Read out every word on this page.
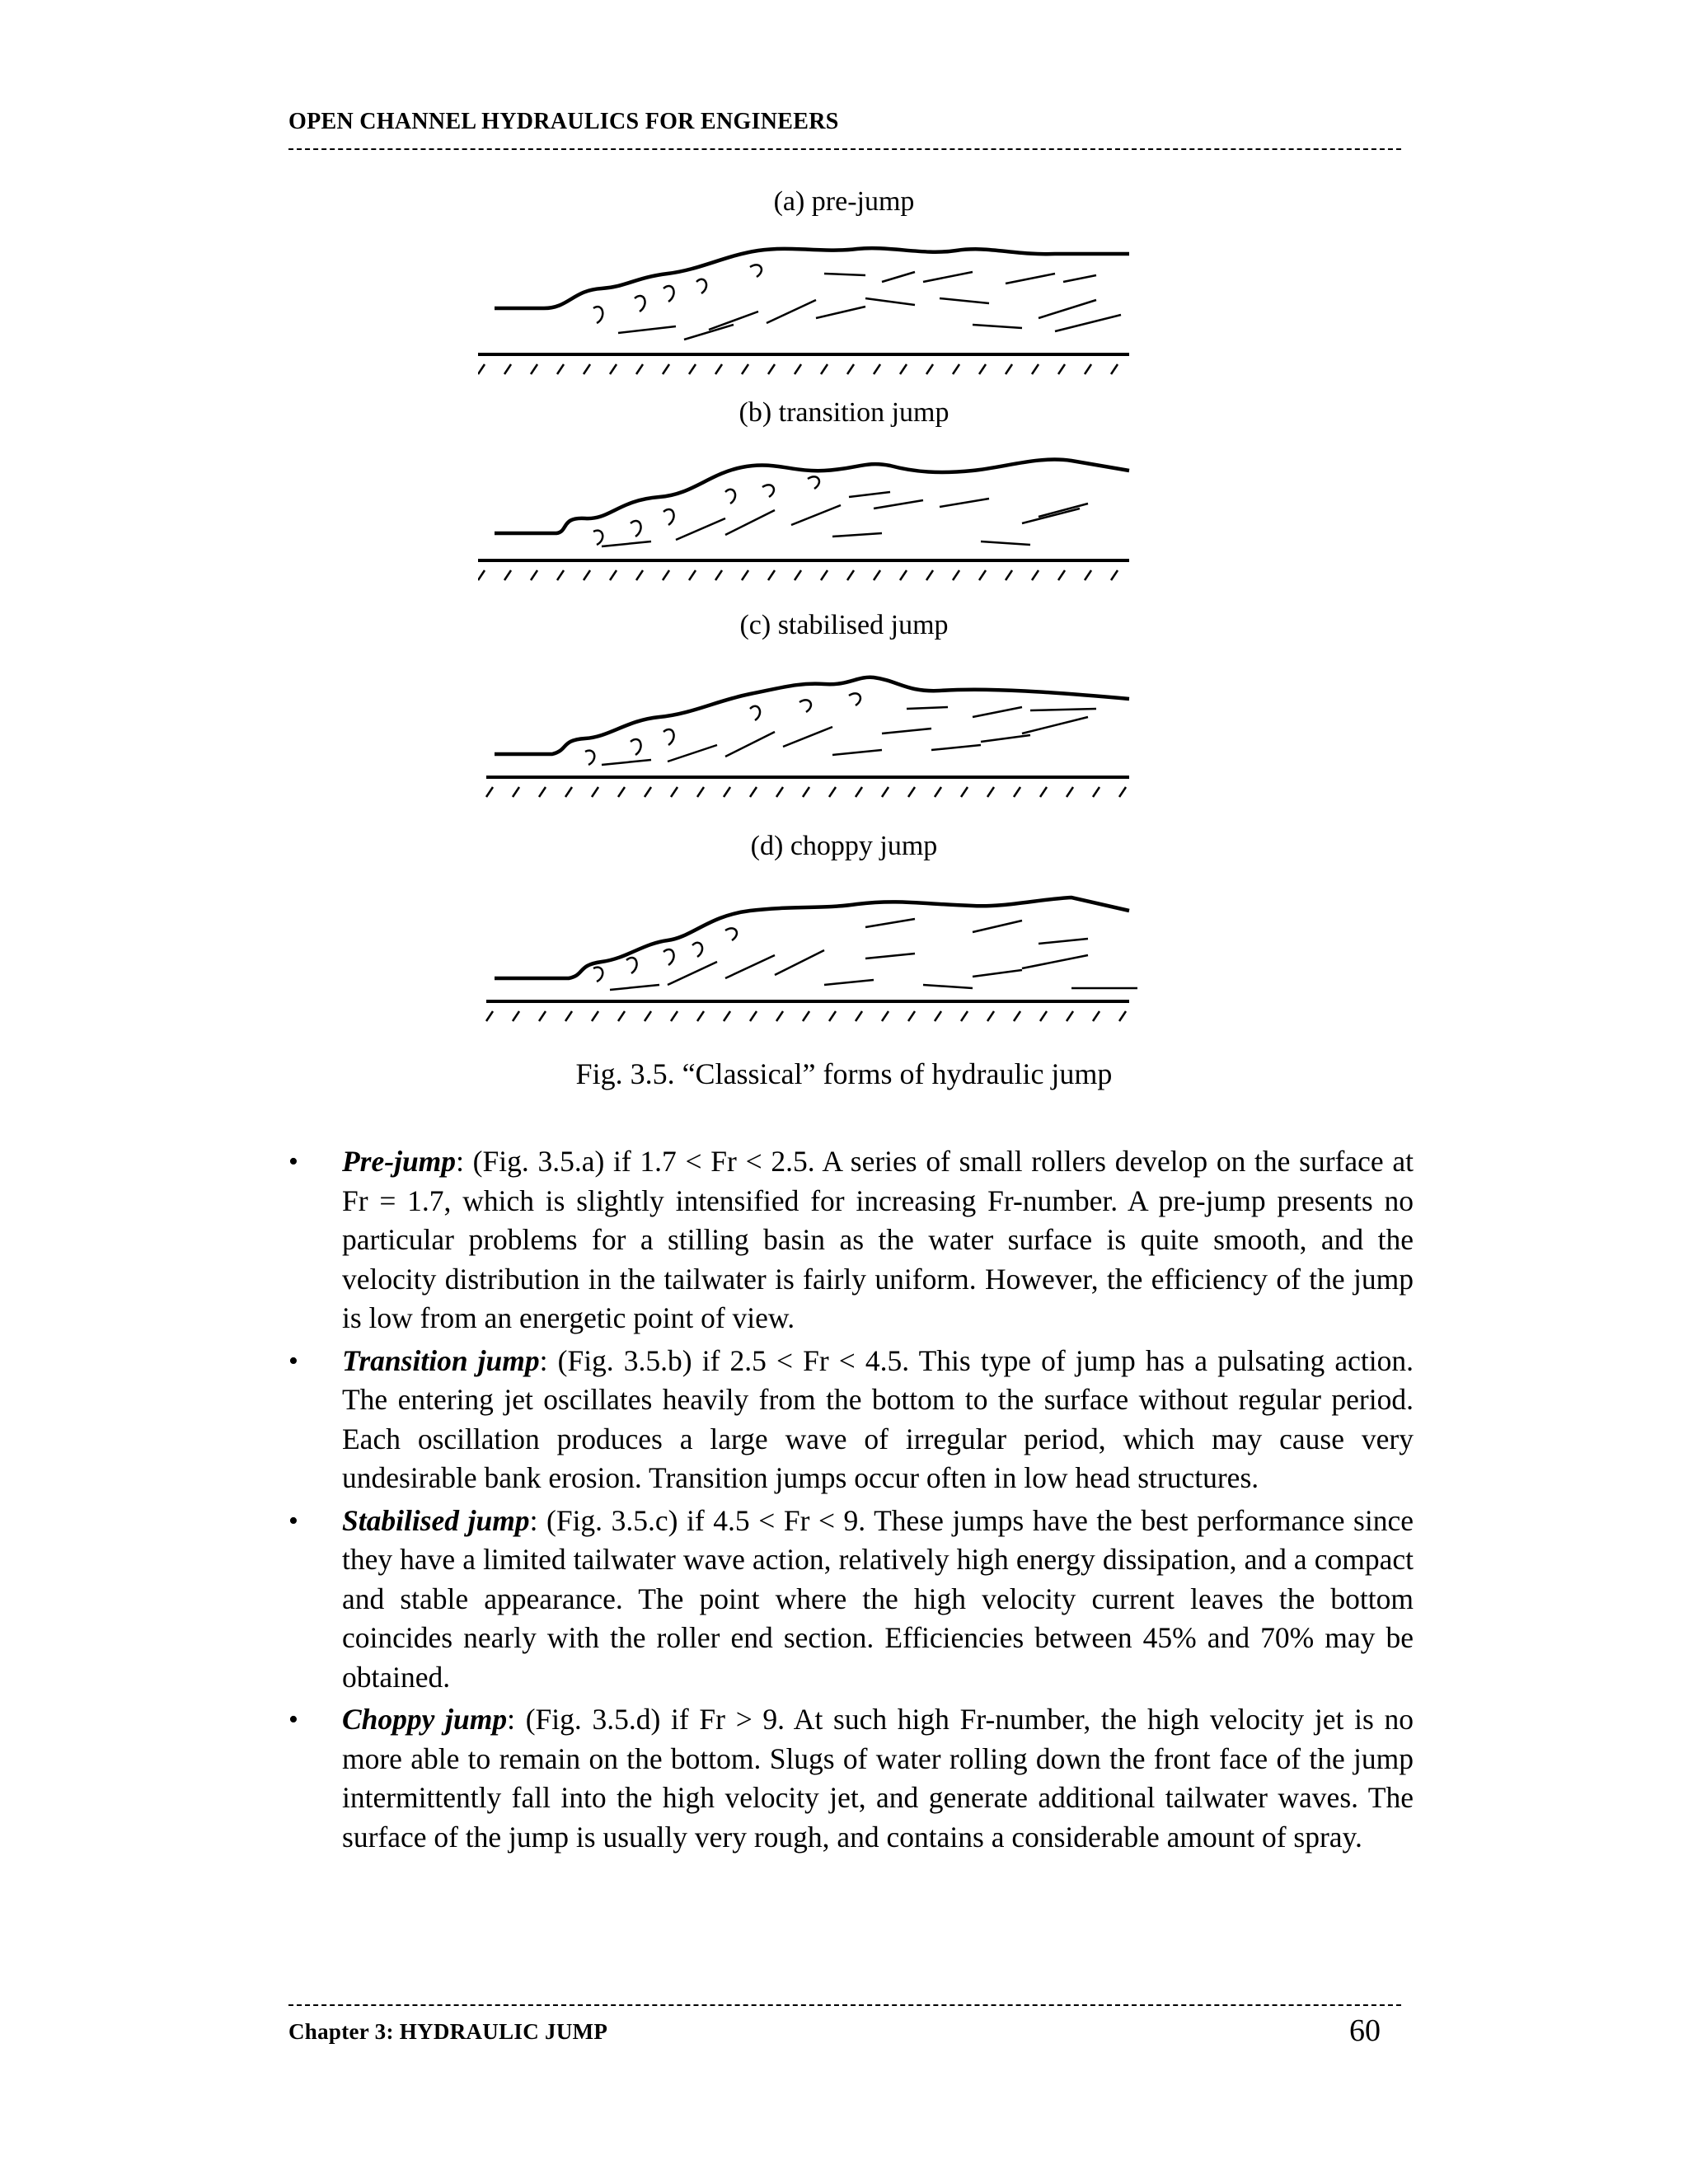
OPEN CHANNEL HYDRAULICS FOR ENGINEERS
(a) pre-jump
(b) transition jump
(c) stabilised jump
(d) choppy jump
Fig. 3.5. “Classical” forms of hydraulic jump
• Pre-jump: (Fig. 3.5.a) if 1.7 < Fr < 2.5. A series of small rollers develop on the surface at Fr = 1.7, which is slightly intensified for increasing Fr-number. A pre-jump presents no particular problems for a stilling basin as the water surface is quite smooth, and the velocity distribution in the tailwater is fairly uniform. However, the efficiency of the jump is low from an energetic point of view.
• Transition jump: (Fig. 3.5.b) if 2.5 < Fr < 4.5. This type of jump has a pulsating action. The entering jet oscillates heavily from the bottom to the surface without regular period. Each oscillation produces a large wave of irregular period, which may cause very undesirable bank erosion. Transition jumps occur often in low head structures.
• Stabilised jump: (Fig. 3.5.c) if 4.5 < Fr < 9. These jumps have the best performance since they have a limited tailwater wave action, relatively high energy dissipation, and a compact and stable appearance. The point where the high velocity current leaves the bottom coincides nearly with the roller end section. Efficiencies between 45% and 70% may be obtained.
• Choppy jump: (Fig. 3.5.d) if Fr > 9. At such high Fr-number, the high velocity jet is no more able to remain on the bottom. Slugs of water rolling down the front face of the jump intermittently fall into the high velocity jet, and generate additional tailwater waves. The surface of the jump is usually very rough, and contains a considerable amount of spray.
Chapter 3: HYDRAULIC JUMP	60
